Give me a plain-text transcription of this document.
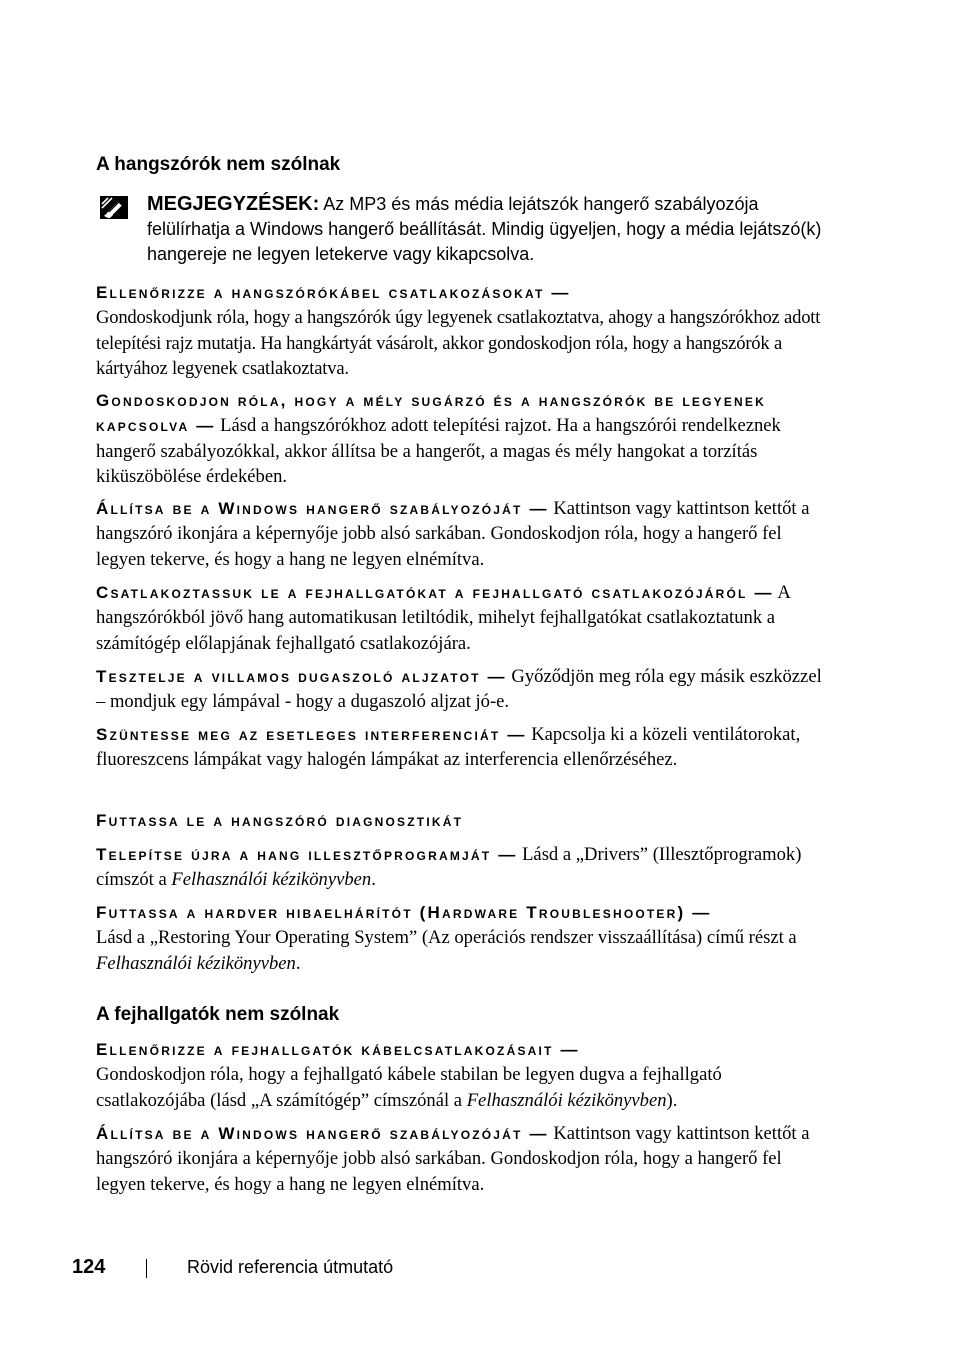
A hangszórók nem szólnak
MEGJEGYZÉSEK: Az MP3 és más média lejátszók hangerő szabályozója felülírhatja a Windows hangerő beállítását. Mindig ügyeljen, hogy a média lejátszó(k) hangereje ne legyen letekerve vagy kikapcsolva.

Ellenőrizze a hangszórókábel csatlakozásokat —
Gondoskodjunk róla, hogy a hangszórók úgy legyenek csatlakoztatva, ahogy a hangszórókhoz adott telepítési rajz mutatja. Ha hangkártyát vásárolt, akkor gondoskodjon róla, hogy a hangszórók a kártyához legyenek csatlakoztatva.

Gondoskodjon róla, hogy a mély sugárzó és a hangszórók be legyenek kapcsolva — Lásd a hangszórókhoz adott telepítési rajzot. Ha a hangszórói rendelkeznek hangerő szabályozókkal, akkor állítsa be a hangerőt, a magas és mély hangokat a torzítás kiküszöbölése érdekében.

Állítsa be a Windows hangerő szabályozóját — Kattintson vagy kattintson kettőt a hangszóró ikonjára a képernyője jobb alsó sarkában. Gondoskodjon róla, hogy a hangerő fel legyen tekerve, és hogy a hang ne legyen elnémítva.

Csatlakoztassuk le a fejhallgatókat a fejhallgató csatlakozójáról — A hangszórókból jövő hang automatikusan letiltódik, mihelyt fejhallgatókat csatlakoztatunk a számítógép előlapjának fejhallgató csatlakozójára.

Tesztelje a villamos dugaszoló aljzatot — Győződjön meg róla egy másik eszközzel – mondjuk egy lámpával - hogy a dugaszoló aljzat jó-e.

Szüntesse meg az esetleges interferenciát — Kapcsolja ki a közeli ventilátorokat, fluoreszcens lámpákat vagy halogén lámpákat az interferencia ellenőrzéséhez.

Futtassa le a hangszóró diagnosztikát

Telepítse újra a hang illesztőprogramját — Lásd a „Drivers” (Illesztőprogramok) címszót a Felhasználói kézikönyvben.

Futtassa a hardver hibaelhárítót (Hardware Troubleshooter) —
Lásd a „Restoring Your Operating System” (Az operációs rendszer visszaállítása) című részt a Felhasználói kézikönyvben.

A fejhallgatók nem szólnak

Ellenőrizze a fejhallgatók kábelcsatlakozásait —
Gondoskodjon róla, hogy a fejhallgató kábele stabilan be legyen dugva a fejhallgató csatlakozójába (lásd „A számítógép” címszónál a Felhasználói kézikönyvben).

Állítsa be a Windows hangerő szabályozóját — Kattintson vagy kattintson kettőt a hangszóró ikonjára a képernyője jobb alsó sarkában. Gondoskodjon róla, hogy a hangerő fel legyen tekerve, és hogy a hang ne legyen elnémítva.

124	Rövid referencia útmutató
